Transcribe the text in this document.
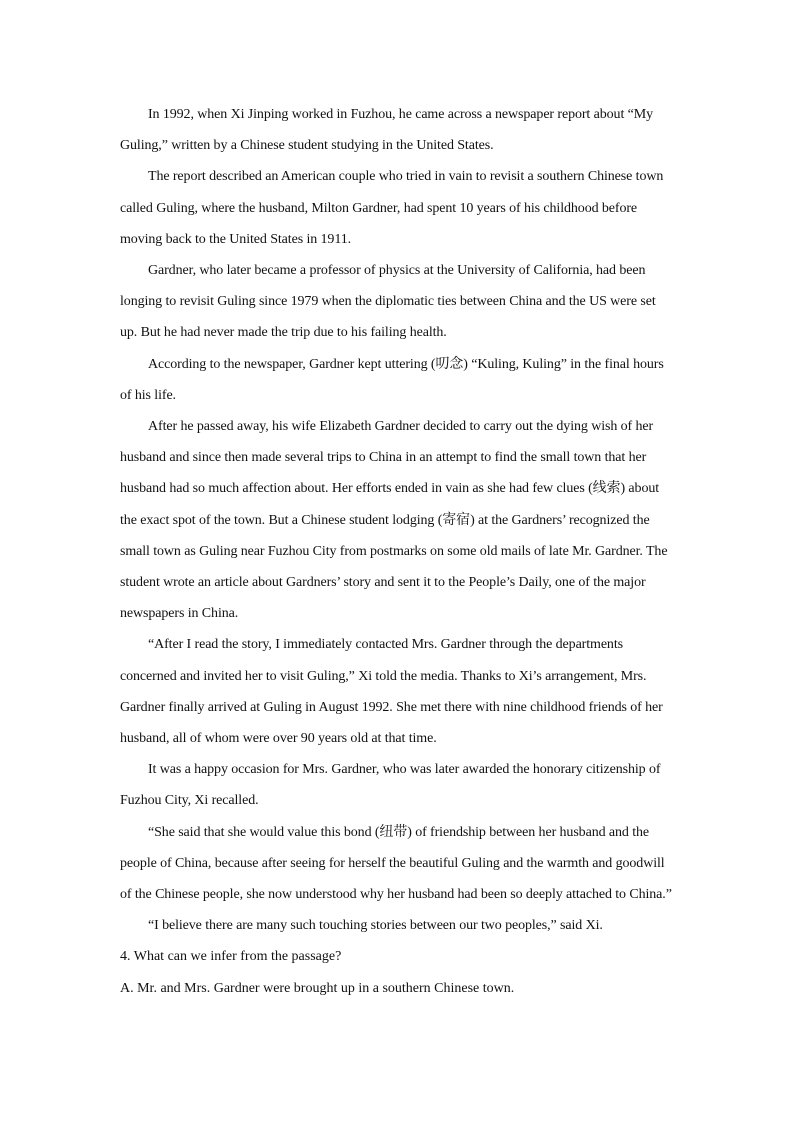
In 1992, when Xi Jinping worked in Fuzhou, he came across a newspaper report about “My Guling,” written by a Chinese student studying in the United States.

The report described an American couple who tried in vain to revisit a southern Chinese town called Guling, where the husband, Milton Gardner, had spent 10 years of his childhood before moving back to the United States in 1911.

Gardner, who later became a professor of physics at the University of California, had been longing to revisit Guling since 1979 when the diplomatic ties between China and the US were set up. But he had never made the trip due to his failing health.

According to the newspaper, Gardner kept uttering (叨念) “Kuling, Kuling” in the final hours of his life.

After he passed away, his wife Elizabeth Gardner decided to carry out the dying wish of her husband and since then made several trips to China in an attempt to find the small town that her husband had so much affection about. Her efforts ended in vain as she had few clues (线索) about the exact spot of the town. But a Chinese student lodging (寄宿) at the Gardners’ recognized the small town as Guling near Fuzhou City from postmarks on some old mails of late Mr. Gardner. The student wrote an article about Gardners’ story and sent it to the People’s Daily, one of the major newspapers in China.

“After I read the story, I immediately contacted Mrs. Gardner through the departments concerned and invited her to visit Guling,” Xi told the media. Thanks to Xi’s arrangement, Mrs. Gardner finally arrived at Guling in August 1992. She met there with nine childhood friends of her husband, all of whom were over 90 years old at that time.

It was a happy occasion for Mrs. Gardner, who was later awarded the honorary citizenship of Fuzhou City, Xi recalled.

“She said that she would value this bond (纽带) of friendship between her husband and the people of China, because after seeing for herself the beautiful Guling and the warmth and goodwill of the Chinese people, she now understood why her husband had been so deeply attached to China.”

“I believe there are many such touching stories between our two peoples,” said Xi.

4. What can we infer from the passage?

A. Mr. and Mrs. Gardner were brought up in a southern Chinese town.
